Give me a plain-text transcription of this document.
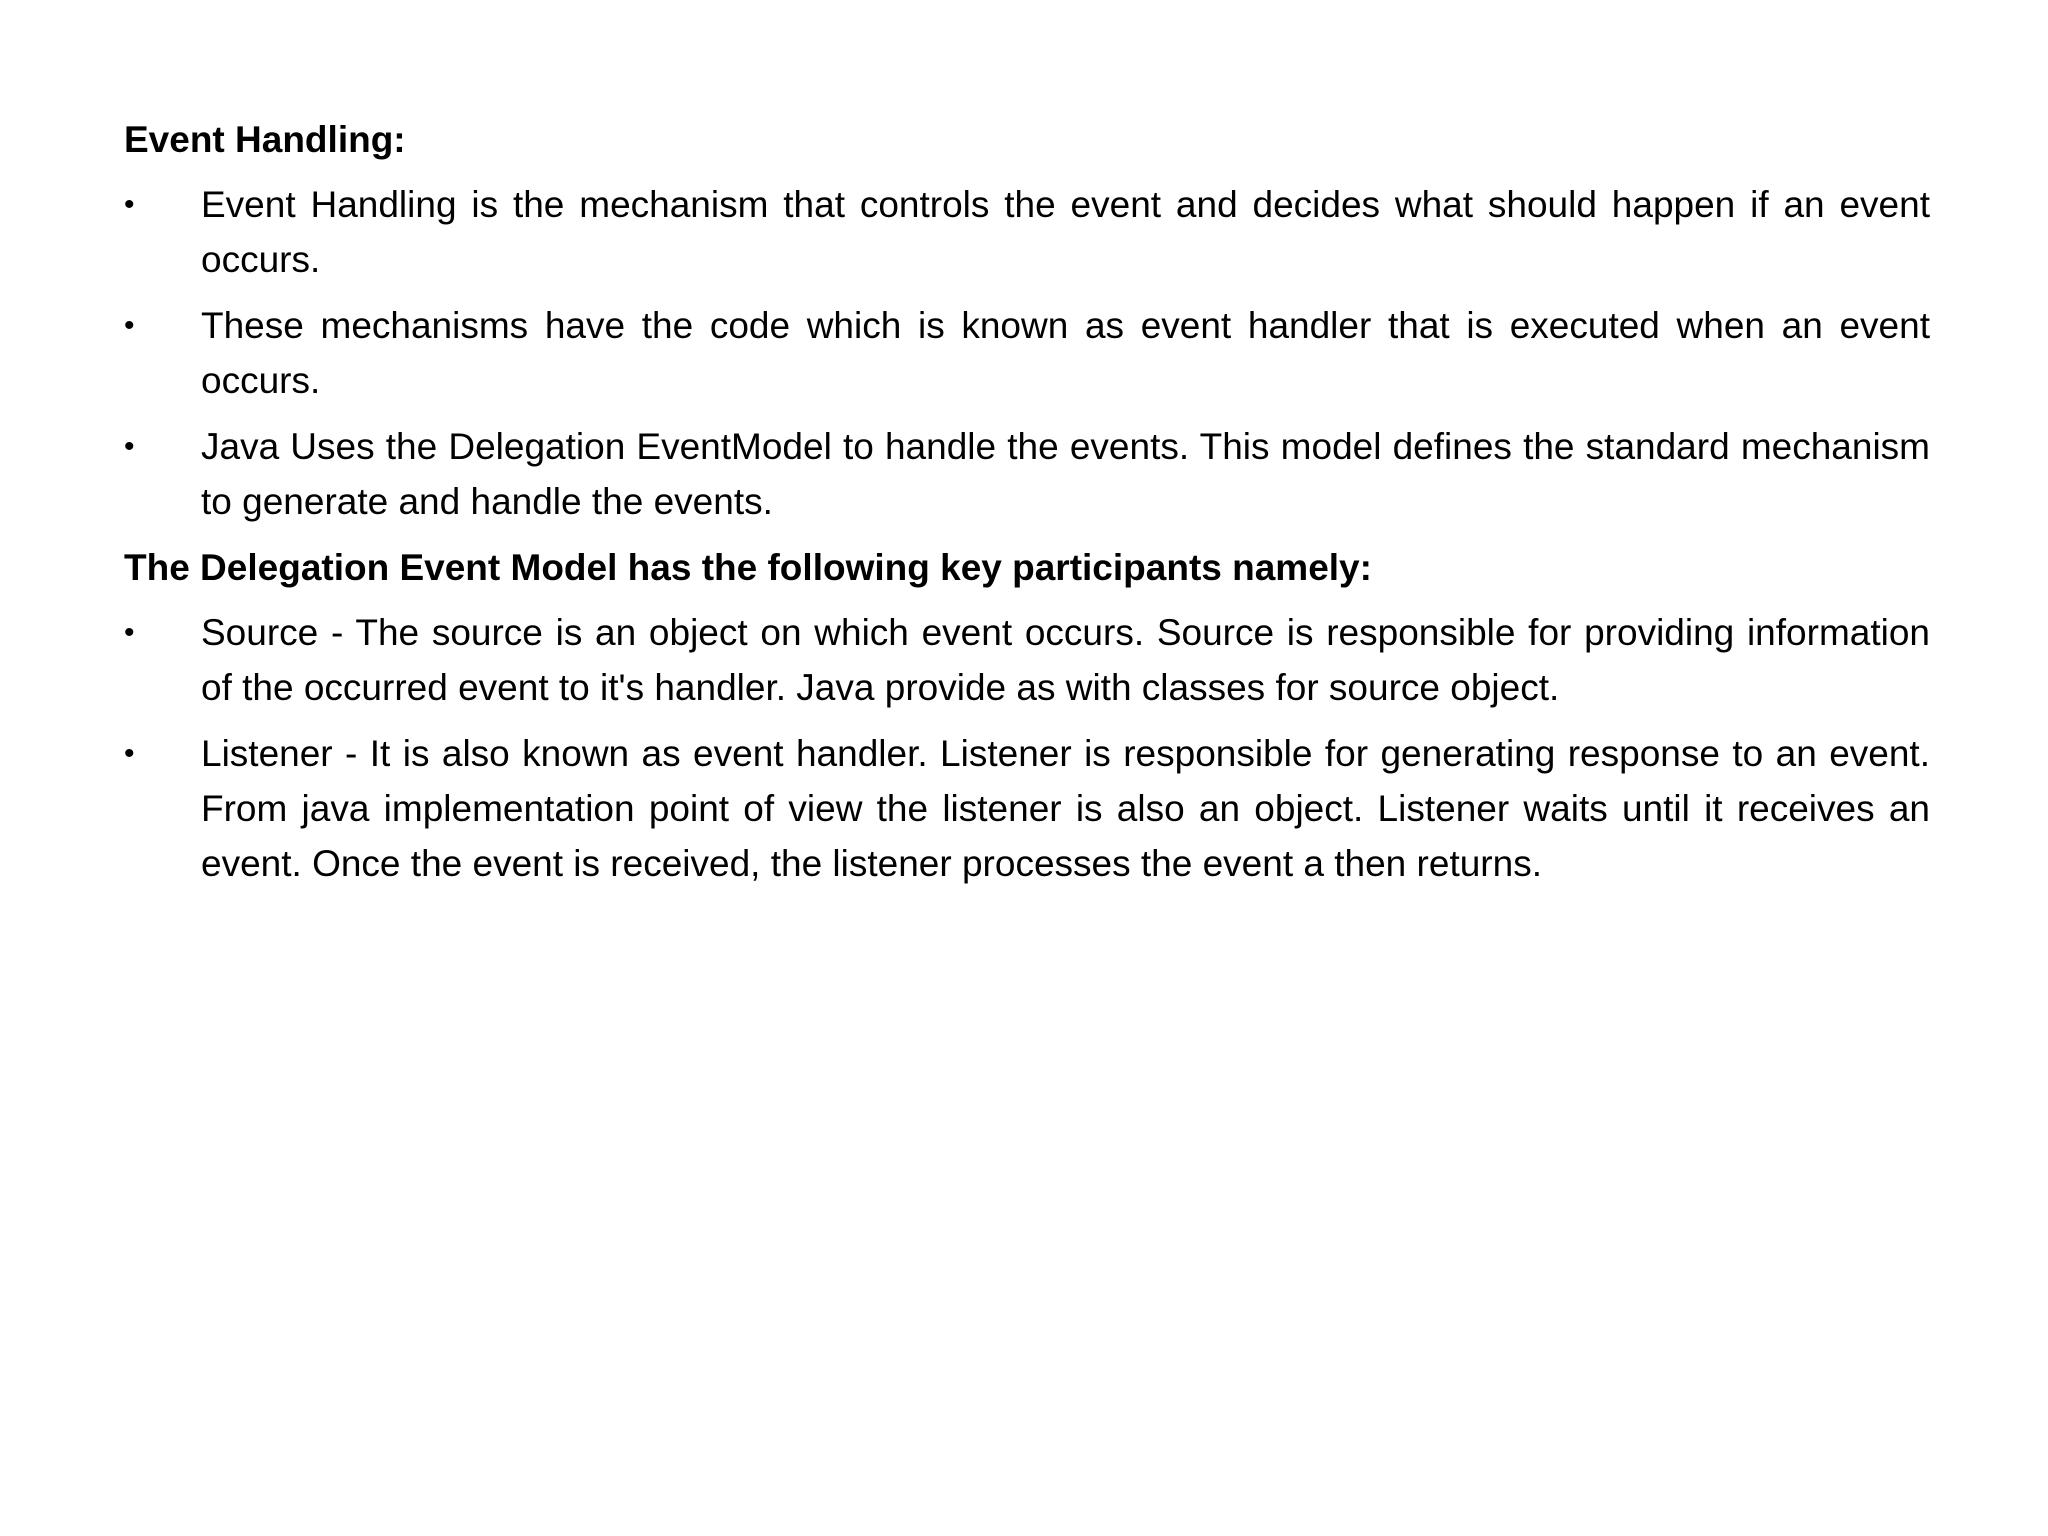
Event Handling:
•	Event Handling is the mechanism that controls the event and decides what should happen if an event occurs.
•	These mechanisms have the code which is known as event handler that is executed when an event occurs.
•	Java Uses the Delegation EventModel to handle the events. This model defines the standard mechanism to generate and handle the events.
The Delegation Event Model has the following key participants namely:
•	Source - The source is an object on which event occurs. Source is responsible for providing information of the occurred event to it's handler. Java provide as with classes for source object.
•	Listener - It is also known as event handler. Listener is responsible for generating response to an event. From java implementation point of view the listener is also an object. Listener waits until it receives an event. Once the event is received, the listener processes the event a then returns.
